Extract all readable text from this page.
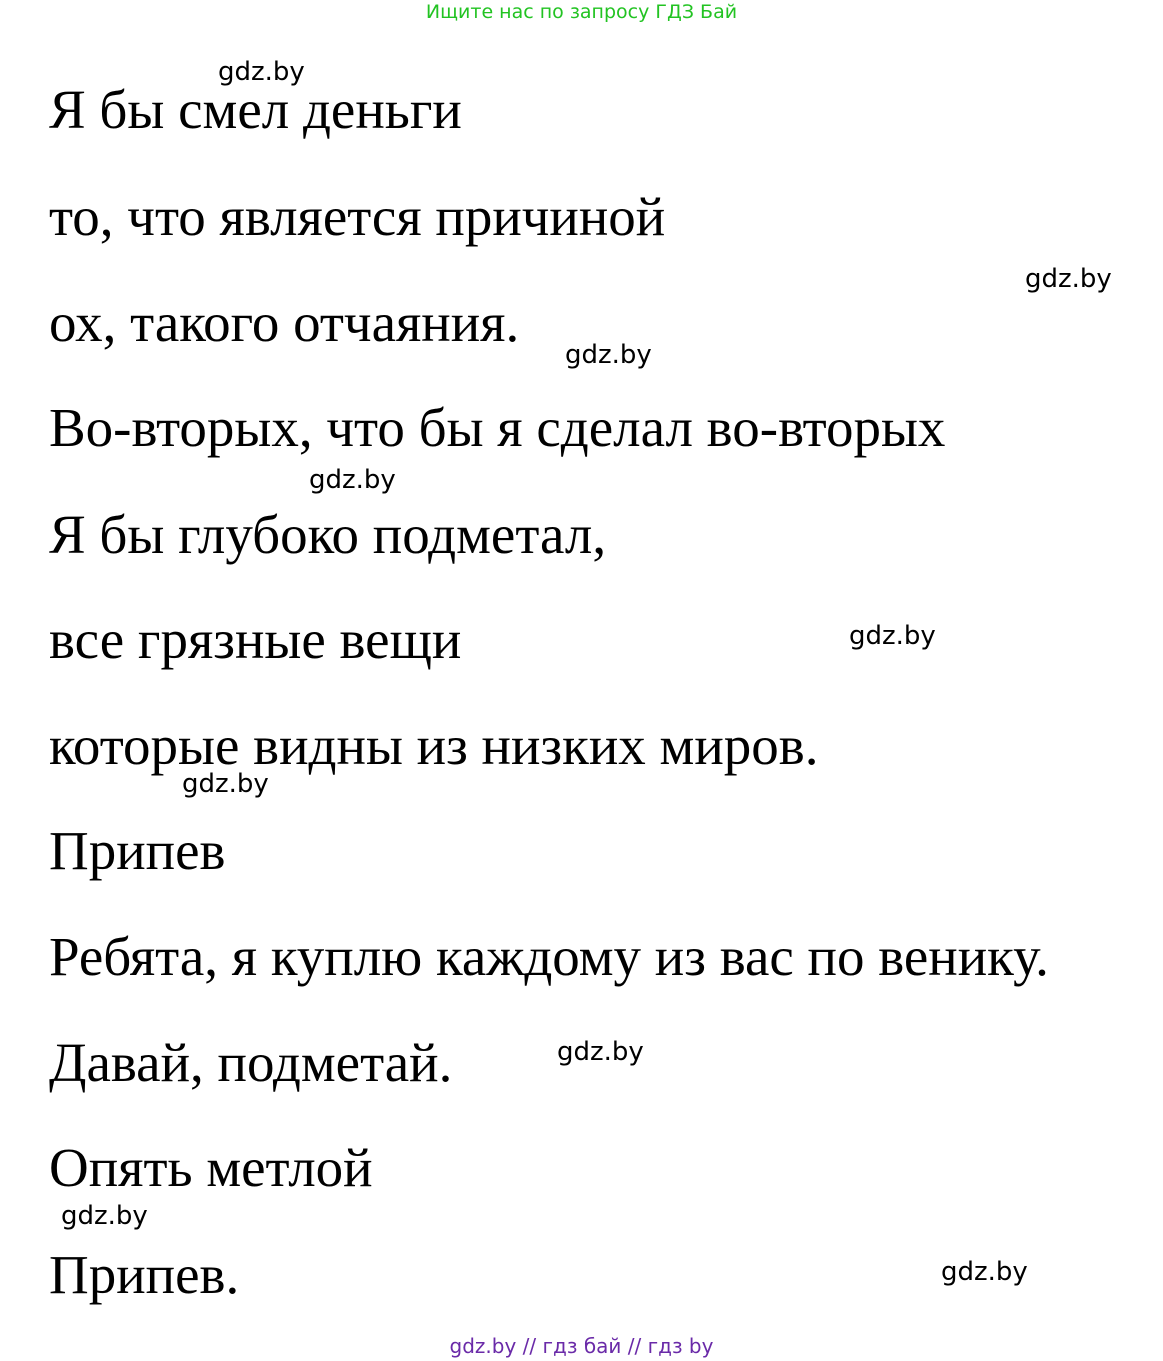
Ищите нас по запросу ГДЗ Бай
Я бы смел деньги
то, что является причиной
ох, такого отчаяния.
Во-вторых, что бы я сделал во-вторых
Я бы глубоко подметал,
все грязные вещи
которые видны из низких миров.
Припев
Ребята, я куплю каждому из вас по венику.
Давай, подметай.
Опять метлой
Припев.
gdz.by
gdz.by
gdz.by
gdz.by
gdz.by
gdz.by
gdz.by
gdz.by
gdz.by
gdz.by // гдз бай // гдз by
